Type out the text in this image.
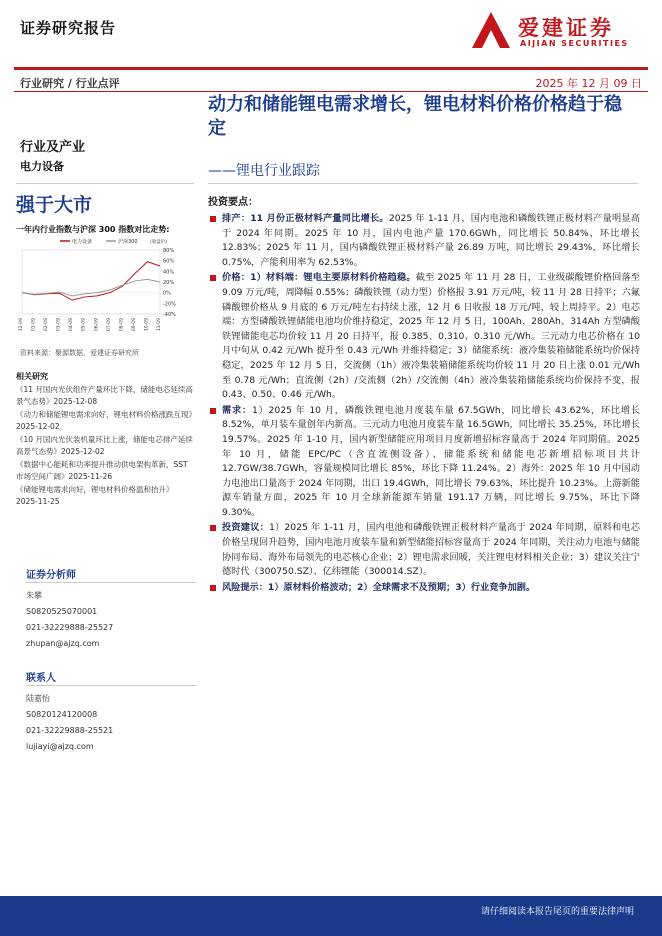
证券研究报告	爱建证券
AIJIAN SECURITIES
行业研究 / 行业点评	2025 年 12 月 09 日
动力和储能锂电需求增长，锂电材料价格价格趋于稳定
——锂电行业跟踪
行业及产业
电力设备
强于大市
一年内行业指数与沪深 300 指数对比走势:
电力设备	沪深300	(收盘价)
80%
60%
40%
20%
0%
-20%
-40%
12-09 01-09 02-09 03-09 04-09 05-09 06-09 07-09 08-09 09-09 10-09 11-09
资料来源：聚源数据，爱建证券研究所
相关研究
《11 月国内光伏组件产量环比下降，储能电芯延续高景气态势》2025-12-08
《动力和储能锂电需求向好，锂电材料价格涨跌互现》2025-12-02
《10 月国内光伏装机量环比上涨，储能电芯排产延续高景气态势》2025-12-02
《数据中心能耗和功率提升推动供电架构革新，SST 市场空间广阔》2025-11-26
《储能锂电需求向好，锂电材料价格温和抬升》2025-11-25
证券分析师
朱攀
S0820525070001
021-32229888-25527
zhupan@ajzq.com
联系人
陆嘉怡
S0820124120008
021-32229888-25521
lujiayi@ajzq.com
投资要点：
排产：11 月份正极材料产量同比增长。2025 年 1-11 月，国内电池和磷酸铁锂正极材料产量明显高于 2024 年同期。2025 年 10 月，国内电池产量 170.6GWh，同比增长 50.84%，环比增长 12.83%；2025 年 11 月，国内磷酸铁锂正极材料产量 26.89 万吨，同比增长 29.43%，环比增长 0.75%，产能利用率为 62.53%。
价格：1）材料端：锂电主要原材料价格趋稳。截至 2025 年 11 月 28 日，工业级碳酸锂价格回落至 9.09 万元/吨，周降幅 0.55%；磷酸铁锂（动力型）价格报 3.91 万元/吨，较 11 月 28 日持平；六氟磷酸锂价格从 9 月底的 6 万元/吨左右持续上涨，12 月 6 日收报 18 万元/吨，较上周持平。2）电芯端：方型磷酸铁锂储能电池均价维持稳定，2025 年 12 月 5 日，100Ah、280Ah、314Ah 方型磷酸铁锂储能电芯均价较 11 月 20 日持平，报 0.385、0.310、0.310 元/Wh。三元动力电芯价格在 10 月中旬从 0.42 元/Wh 提升至 0.43 元/Wh 并维持稳定；3）储能系统：液冷集装箱储能系统均价保持稳定，2025 年 12 月 5 日，交流侧（1h）液冷集装箱储能系统均价较 11 月 20 日上涨 0.01 元/Wh 至 0.78 元/Wh；直流侧（2h）/交流侧（2h）/交流侧（4h）液冷集装箱储能系统均价保持不变，报 0.43、0.50、0.46 元/Wh。
需求：1）2025 年 10 月，磷酸铁锂电池月度装车量 67.5GWh，同比增长 43.62%，环比增长 8.52%，单月装车量创年内新高。三元动力电池月度装车量 16.5GWh，同比增长 35.25%，环比增长 19.57%。2025 年 1-10 月，国内新型储能应用项目月度新增招标容量高于 2024 年同期值。2025 年 10 月，储能 EPC/PC（含直流侧设备）、储能系统和储能电芯新增招标项目共计 12.7GW/38.7GWh，容量规模同比增长 85%，环比下降 11.24%。2）海外：2025 年 10 月中国动力电池出口量高于 2024 年同期，出口 19.4GWh，同比增长 79.63%，环比提升 10.23%。上游新能源车销量方面，2025 年 10 月全球新能源车销量 191.17 万辆，同比增长 9.75%，环比下降 9.30%。
投资建议：1）2025 年 1-11 月，国内电池和磷酸铁锂正极材料产量高于 2024 年同期，原料和电芯价格呈现回升趋势，国内电池月度装车量和新型储能招标容量高于 2024 年同期，关注动力电池与储能协同布局、海外布局领先的电芯核心企业；2）锂电需求回暖，关注锂电材料相关企业；3）建议关注宁德时代（300750.SZ）、亿纬锂能（300014.SZ）。
风险提示：1）原材料价格波动；2）全球需求不及预期；3）行业竞争加剧。
请仔细阅读本报告尾页的重要法律声明
